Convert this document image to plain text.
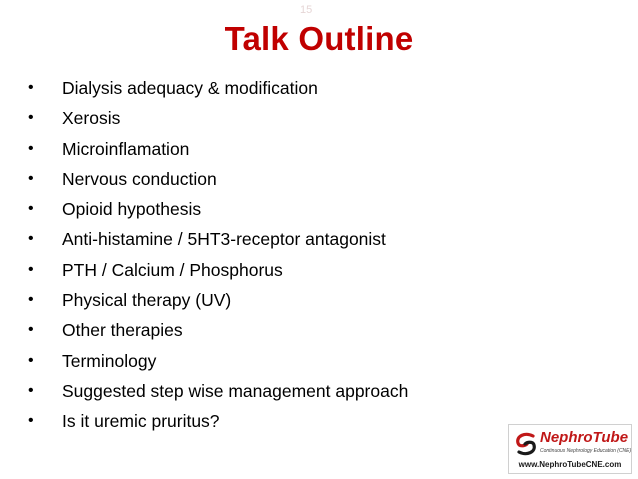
15
Talk Outline
• Dialysis adequacy & modification
• Xerosis
• Microinflamation
• Nervous conduction
• Opioid hypothesis
• Anti-histamine / 5HT3-receptor antagonist
• PTH / Calcium / Phosphorus
• Physical therapy (UV)
• Other therapies
• Terminology
• Suggested step wise management approach
• Is it uremic pruritus?
NephroTube
Continuous Nephrology Education (CNE)
www.NephroTubeCNE.com
